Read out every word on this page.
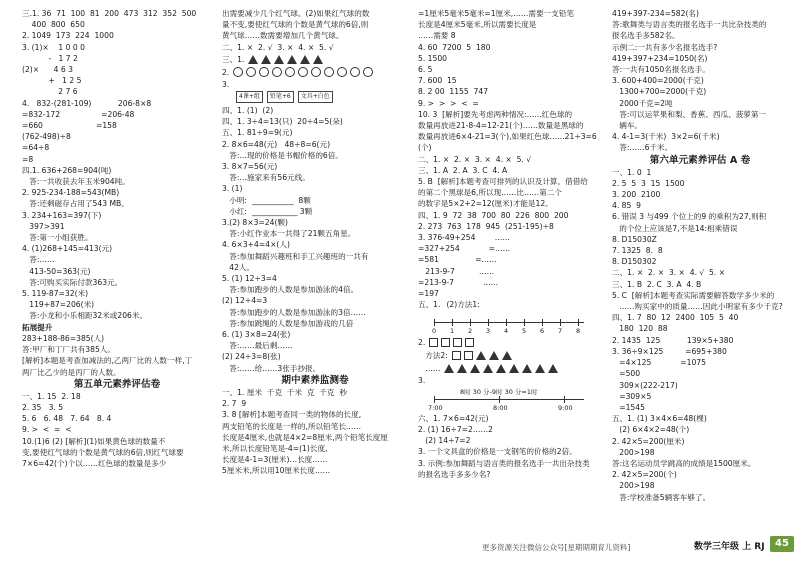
三.1. 36  71  100  81  200  473  312  352  500
400  800  650
2. 1049  173  224  1000
3. (1)×    1 0 0 0
-   1 7 2
(2)×      4 6 3
+   1 2 5
2 7 6
4.   832-(281-109)           206-8×8
=832-172                 =206-48
=660                      =158
(762-498)÷8
=64÷8
=8
四.1. 636+268=904(吨)
答:一共收获去年玉米904吨。
2. 925-234-188=543(MB)
答:还剩磁存占用了543 MB。
3. 234+163=397(下)
397>391
答:第一小组获胜。
4. (1)268+145=413(元)
答:……
413-50=363(元)
答:可购买实际付款363元。
5. 119-87=32(米)
119+87=206(米)
答:小龙和小乐相距32米或206米。
拓展提升
283+188-86=385(人)
答:甲厂和丁厂共有385人。
[解析]本题是考查加减法的,乙两厂比的人数一样,丁
两厂比乙少的是丙厂的人数。
第五单元素养评估卷
一、1. 15  2. 18
2. 35   3. 5
5. 6   6. 48   7. 64   8. 4
9. >  <  =  <
10.(1)6 (2) [解析](1)如果黄色球的数量不
变,要使红气球的个数是黄气球的6倍,则红气球要
7×6=42(个)个以……红色球的数量是多少
出需要减少几个红气球。(2)如果红气球的数
量不变,要使红气球的个数是黄气球的6倍,则
黄气球……数需要增加几个黄气球。
二、1. ×  2. √  3. ×  4. ×  5. √
三、1.
2.
3.
4课+组	铅笔+6	文具+白色
四、1. (1)  (2)
四、1. 3÷4=13(只)  20÷4=5(朵)
五、1. 81÷9=9(元)
2. 8×6=48(元)   48÷8=6(元)
答:…现的价格是书帽价格的6倍。
3. 8×7=56(元)
答:…施家来有56元线。
3. (1)
小明:  ___________  8颗
小红:  ____________ 3颗
3.(2) 8×3=24(颗)
答:小红作业本一共得了21颗五角星。
4. 6×3+4=4×(人)
答:参加舞蹈兴趣班和手工兴趣班的一共有
42人。
5. (1) 12÷3=4
答:参加跑步的人数是参加游泳的4倍。
(2) 12÷4=3
答:参加跑步的人数是参加游泳的3倍……
答:参加跳绳的人数是参加游戏的几倍
6. (1) 3×8=24(张)
答:……最后剩……
(2) 24÷3=8(张)
答:……给……3张手抄报。
期中素养监测卷
一、1. 厘米  千克  千米  克  千克  秒
2. 7  9
3. 8 [解析]本题考查同一类的物体的长度,
两支铅笔的长度是一样的,所以铅笔长……
长度是4厘米,也就是4×2=8厘米,两个铅笔长度厘
米,所以长度铅笔是-4=(1)长度,
长度是4-1=3(厘米)…长度……
5厘米米,所以用10厘米长度……
=1厘米5毫米5毫米=1厘米,……需要一支铅笔
长度是4厘米5毫米,所以需要长度是
……需要 8
4. 60  7200  5  180
5. 1500
6. 5
7. 600  15
8. 2 00  1155  747
9. >  >  >  <  =
10. 3  [解析]要先考虑两种情况:……红色球的
数量再放进21-8-4=12-21(个)……数量是黑球的
数量再放进6×4-21=3(个),如果红色球……21÷3=6
(个)
二、1. ×  2. ×  3. ×  4. ×  5. √
三、1. A  2. A  3. C  4. A
5. B  [解析]本题考查可排列的认识及计算。借借给
的第二个黑球是6,所以现……比……第二个
的数字是5×2+2=12(厘米)才能是12。
四、1. 9  72  38  700  80  226  800  200
2. 273  763  178  945  (251-195)÷8
3. 376-49+254        ……
=327+254            =……
=581               =……
213-9-7          ……
=213-9-7            ……
=197
五、1. (2)方法1:
0 1 2 3 4 5 6 7 8
2.
方法2:
……
3.
8时 30 分-9时 30 分=1时
7:00	8:00	9:00
六、1. 7×6=42(元)
2. (1) 16÷7=2……2
(2) 14÷7=2
3. 一个文具盒的价格是一支钢笔的价格的2倍。
3. 示例:参加舞蹈与语言类的报名选手一共出杂技类
的报名选手多多少名?
419+397-234=582(名)
答:歌舞类与语言类的报名选手一共比杂技类的
报名选手多582名。
示例二:一共有多少名报名选手?
419+397+234=1050(名)
答:一共有1050名报名选手。
3. 600+400=2000(千克)
1300+700=2000(千克)
2000千克=2吨
答:可以运苹果和梨、香蕉、西瓜、菠萝第一
辆车。
4. 4-1=3(千米)  3×2=6(千米)
答:……6千米。
第六单元素养评估 A 卷
一、1. 0  1
2. 5  5  3  15  1500
3. 200  2100
4. 85  9
6. 错误 3 与499 个位上的9 的乘积为27,则积
的个位上应该是7,不是14:相乘错误
8. D15030Z
7. 1325  8.  8
8. D150302
二、1. ×  2. ×  3. ×  4. √  5. ×
三、1. B  2. C  3. A  4. B
5. C  [解析]本题考查实际需要解答数学多少米的
……购买家中的质量……因此小明家有多少千克?
四、1. 7  80  12  2400  105  5  40
180  120  88
2. 1435  125           139×5+380
3. 36÷9×125         =695+380
=4×125            =1075
=500
309×(222-217)
=309×5
=1545
五、1. (1) 3×4×6=48(棵)
(2) 6×4×2=48(个)
2. 42×5=200(厘米)
200>198
答:这名运动员学跳高的成绩是1500厘米。
2. 42×5=200(个)
200>198
答:学校准备5辆客车够了。
更多资源关注微信公众号[星期期期育儿资料]	数学三年级 上 RJ	45
